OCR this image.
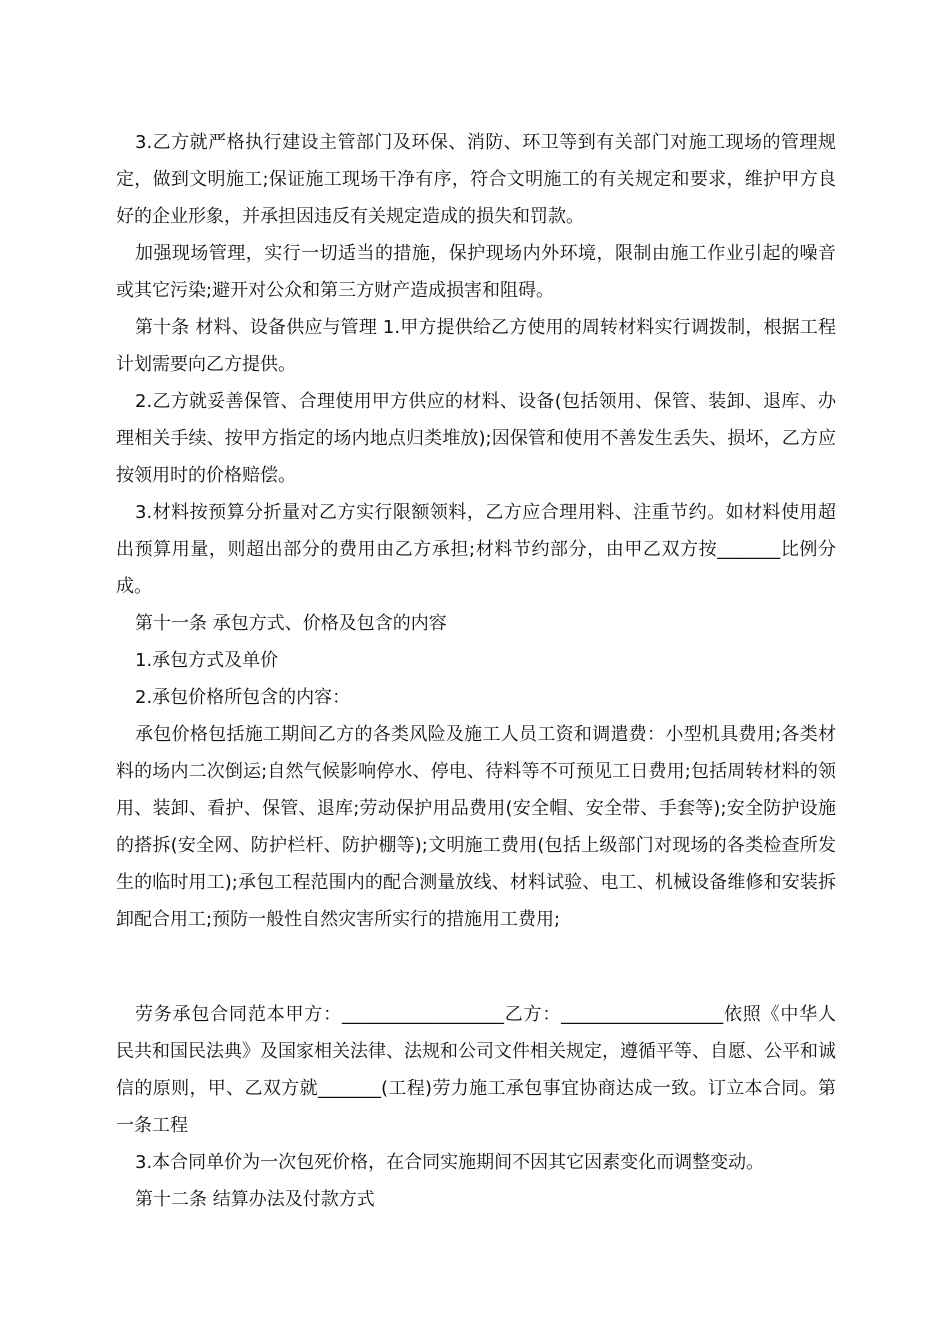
3.乙方就严格执行建设主管部门及环保、消防、环卫等到有关部门对施工现场的管理规定，做到文明施工;保证施工现场干净有序，符合文明施工的有关规定和要求，维护甲方良好的企业形象，并承担因违反有关规定造成的损失和罚款。

加强现场管理，实行一切适当的措施，保护现场内外环境，限制由施工作业引起的噪音或其它污染;避开对公众和第三方财产造成损害和阻碍。

第十条 材料、设备供应与管理 1.甲方提供给乙方使用的周转材料实行调拨制，根据工程计划需要向乙方提供。

2.乙方就妥善保管、合理使用甲方供应的材料、设备(包括领用、保管、装卸、退库、办理相关手续、按甲方指定的场内地点归类堆放);因保管和使用不善发生丢失、损坏，乙方应按领用时的价格赔偿。

3.材料按预算分折量对乙方实行限额领料，乙方应合理用料、注重节约。如材料使用超出预算用量，则超出部分的费用由乙方承担;材料节约部分，由甲乙双方按_______比例分成。

第十一条 承包方式、价格及包含的内容

1.承包方式及单价

2.承包价格所包含的内容：

承包价格包括施工期间乙方的各类风险及施工人员工资和调遣费：小型机具费用;各类材料的场内二次倒运;自然气候影响停水、停电、待料等不可预见工日费用;包括周转材料的领用、装卸、看护、保管、退库;劳动保护用品费用(安全帽、安全带、手套等);安全防护设施的搭拆(安全网、防护栏杆、防护棚等);文明施工费用(包括上级部门对现场的各类检查所发生的临时用工);承包工程范围内的配合测量放线、材料试验、电工、机械设备维修和安装拆卸配合用工;预防一般性自然灾害所实行的措施用工费用;

劳务承包合同范本甲方：__________________乙方：__________________依照《中华人民共和国民法典》及国家相关法律、法规和公司文件相关规定，遵循平等、自愿、公平和诚信的原则，甲、乙双方就_______(工程)劳力施工承包事宜协商达成一致。订立本合同。第一条工程

3.本合同单价为一次包死价格，在合同实施期间不因其它因素变化而调整变动。

第十二条 结算办法及付款方式
